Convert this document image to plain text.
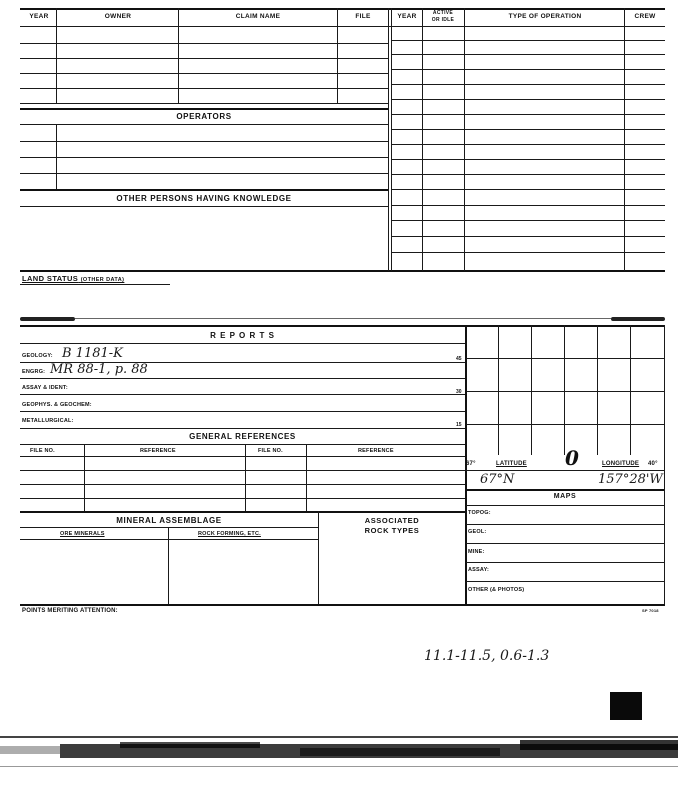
YEAR	OWNER	CLAIM NAME	FILE	YEAR	ACTIVE
OR IDLE	TYPE OF OPERATION	CREW
OPERATORS
OTHER PERSONS HAVING KNOWLEDGE
LAND STATUS (OTHER DATA)
R E P O R T S
GEOLOGY: B 1181-K
ENGRG: MR 88-1, p. 88
ASSAY & IDENT:
GEOPHYS. & GEOCHEM:
METALLURGICAL:
45
30
15
GENERAL REFERENCES
FILE NO.	REFERENCE	FILE NO.	REFERENCE
67°	LATITUDE 0	LONGITUDE 40°
67°N	157°28'W
MAPS
TOPOG:
GEOL:
MINE:
ASSAY:
OTHER (& PHOTOS)
MINERAL ASSEMBLAGE
ORE MINERALS	ROCK FORMING, ETC.
ASSOCIATED
ROCK TYPES
POINTS MERITING ATTENTION:	SP 7018
11.1-11.5, 0.6-1.3
